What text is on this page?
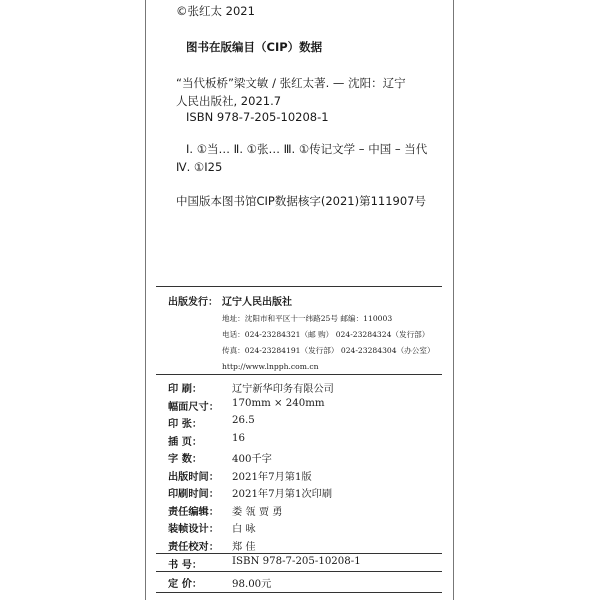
©张红太 2021
图书在版编目（CIP）数据
“当代板桥”梁文敏 / 张红太著. — 沈阳：辽宁
人民出版社, 2021.7
ISBN 978-7-205-10208-1
Ⅰ. ①当… Ⅱ. ①张… Ⅲ. ①传记文学 – 中国 – 当代
Ⅳ. ①I25
中国版本图书馆CIP数据核字(2021)第111907号
出版发行： 辽宁人民出版社
地址：沈阳市和平区十一纬路25号 邮编：110003
电话：024-23284321（邮 购） 024-23284324（发行部）
传真：024-23284191（发行部） 024-23284304（办公室）
http://www.lnpph.com.cn
印 刷：	辽宁新华印务有限公司
幅面尺寸：	170mm × 240mm
印 张：	26.5
插 页：	16
字 数：	400千字
出版时间：	2021年7月第1版
印刷时间：	2021年7月第1次印刷
责任编辑：	娄 瓴 贾 勇
装帧设计：	白 咏
责任校对：	郑 佳
书 号：	ISBN 978-7-205-10208-1
定 价：	98.00元
